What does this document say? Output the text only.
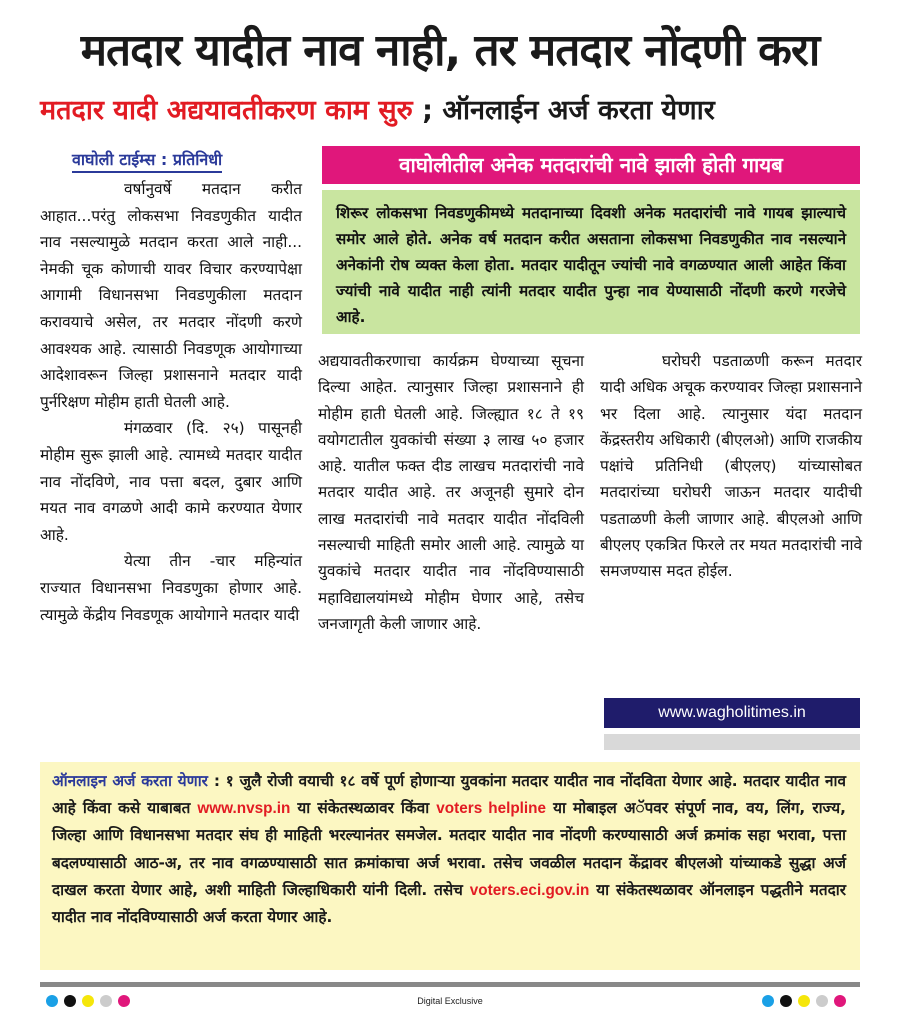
मतदार यादीत नाव नाही, तर मतदार नोंदणी करा
मतदार यादी अद्ययावतीकरण काम सुरु ; ऑनलाईन अर्ज करता येणार
वाघोली टाईम्स : प्रतिनिधी

वर्षानुवर्षे मतदान करीत आहात...परंतु लोकसभा निवडणुकीत यादीत नाव नसल्यामुळे मतदान करता आले नाही... नेमकी चूक कोणाची यावर विचार करण्यापेक्षा आगामी विधानसभा निवडणुकीला मतदान करावयाचे असेल, तर मतदार नोंदणी करणे आवश्यक आहे. त्यासाठी निवडणूक आयोगाच्या आदेशावरून जिल्हा प्रशासनाने मतदार यादी पुर्नरिक्षण मोहीम हाती घेतली आहे.

मंगळवार (दि. २५) पासूनही मोहीम सुरू झाली आहे. त्यामध्ये मतदार यादीत नाव नोंदविणे, नाव पत्ता बदल, दुबार आणि मयत नाव वगळणे आदी कामे करण्यात येणार आहे.

येत्या तीन -चार महिन्यांत राज्यात विधानसभा निवडणुका होणार आहे. त्यामुळे केंद्रीय निवडणूक आयोगाने मतदार यादी

वाघोलीतील अनेक मतदारांची नावे झाली होती गायब
शिरूर लोकसभा निवडणुकीमध्ये मतदानाच्या दिवशी अनेक मतदारांची नावे गायब झाल्याचे समोर आले होते. अनेक वर्ष मतदान करीत असताना लोकसभा निवडणुकीत नाव नसल्याने अनेकांनी रोष व्यक्त केला होता. मतदार यादीतून ज्यांची नावे वगळण्यात आली आहेत किंवा ज्यांची नावे यादीत नाही त्यांनी मतदार यादीत पुन्हा नाव येण्यासाठी नोंदणी करणे गरजेचे आहे.

अद्ययावतीकरणाचा कार्यक्रम घेण्याच्या सूचना दिल्या आहेत. त्यानुसार जिल्हा प्रशासनाने ही मोहीम हाती घेतली आहे. जिल्ह्यात १८ ते १९ वयोगटातील युवकांची संख्या ३ लाख ५० हजार आहे. यातील फक्त दीड लाखच मतदारांची नावे मतदार यादीत आहे. तर अजूनही सुमारे दोन लाख मतदारांची नावे मतदार यादीत नोंदविली नसल्याची माहिती समोर आली आहे. त्यामुळे या युवकांचे मतदार यादीत नाव नोंदविण्यासाठी महाविद्यालयांमध्ये मोहीम घेणार आहे, तसेच जनजागृती केली जाणार आहे.

घरोघरी पडताळणी करून मतदार यादी अधिक अचूक करण्यावर जिल्हा प्रशासनाने भर दिला आहे. त्यानुसार यंदा मतदान केंद्रस्तरीय अधिकारी (बीएलओ) आणि राजकीय पक्षांचे प्रतिनिधी (बीएलए) यांच्यासोबत मतदारांच्या घरोघरी जाऊन मतदार यादीची पडताळणी केली जाणार आहे. बीएलओ आणि बीएलए एकत्रित फिरले तर मयत मतदारांची नावे समजण्यास मदत होईल.

www.wagholitimes.in
ऑनलाइन अर्ज करता येणार : १ जुलै रोजी वयाची १८ वर्षे पूर्ण होणाऱ्या युवकांना मतदार यादीत नाव नोंदविता येणार आहे. मतदार यादीत नाव आहे किंवा कसे याबाबत www.nvsp.in या संकेतस्थळावर किंवा voters helpline या मोबाइल अॅपवर संपूर्ण नाव, वय, लिंग, राज्य, जिल्हा आणि विधानसभा मतदार संघ ही माहिती भरल्यानंतर समजेल. मतदार यादीत नाव नोंदणी करण्यासाठी अर्ज क्रमांक सहा भरावा, पत्ता बदलण्यासाठी आठ-अ, तर नाव वगळण्यासाठी सात क्रमांकाचा अर्ज भरावा. तसेच जवळील मतदान केंद्रावर बीएलओ यांच्याकडे सुद्धा अर्ज दाखल करता येणार आहे, अशी माहिती जिल्हाधिकारी यांनी दिली. तसेच voters.eci.gov.in या संकेतस्थळावर ऑनलाइन पद्धतीने मतदार यादीत नाव नोंदविण्यासाठी अर्ज करता येणार आहे.
Digital Exclusive
